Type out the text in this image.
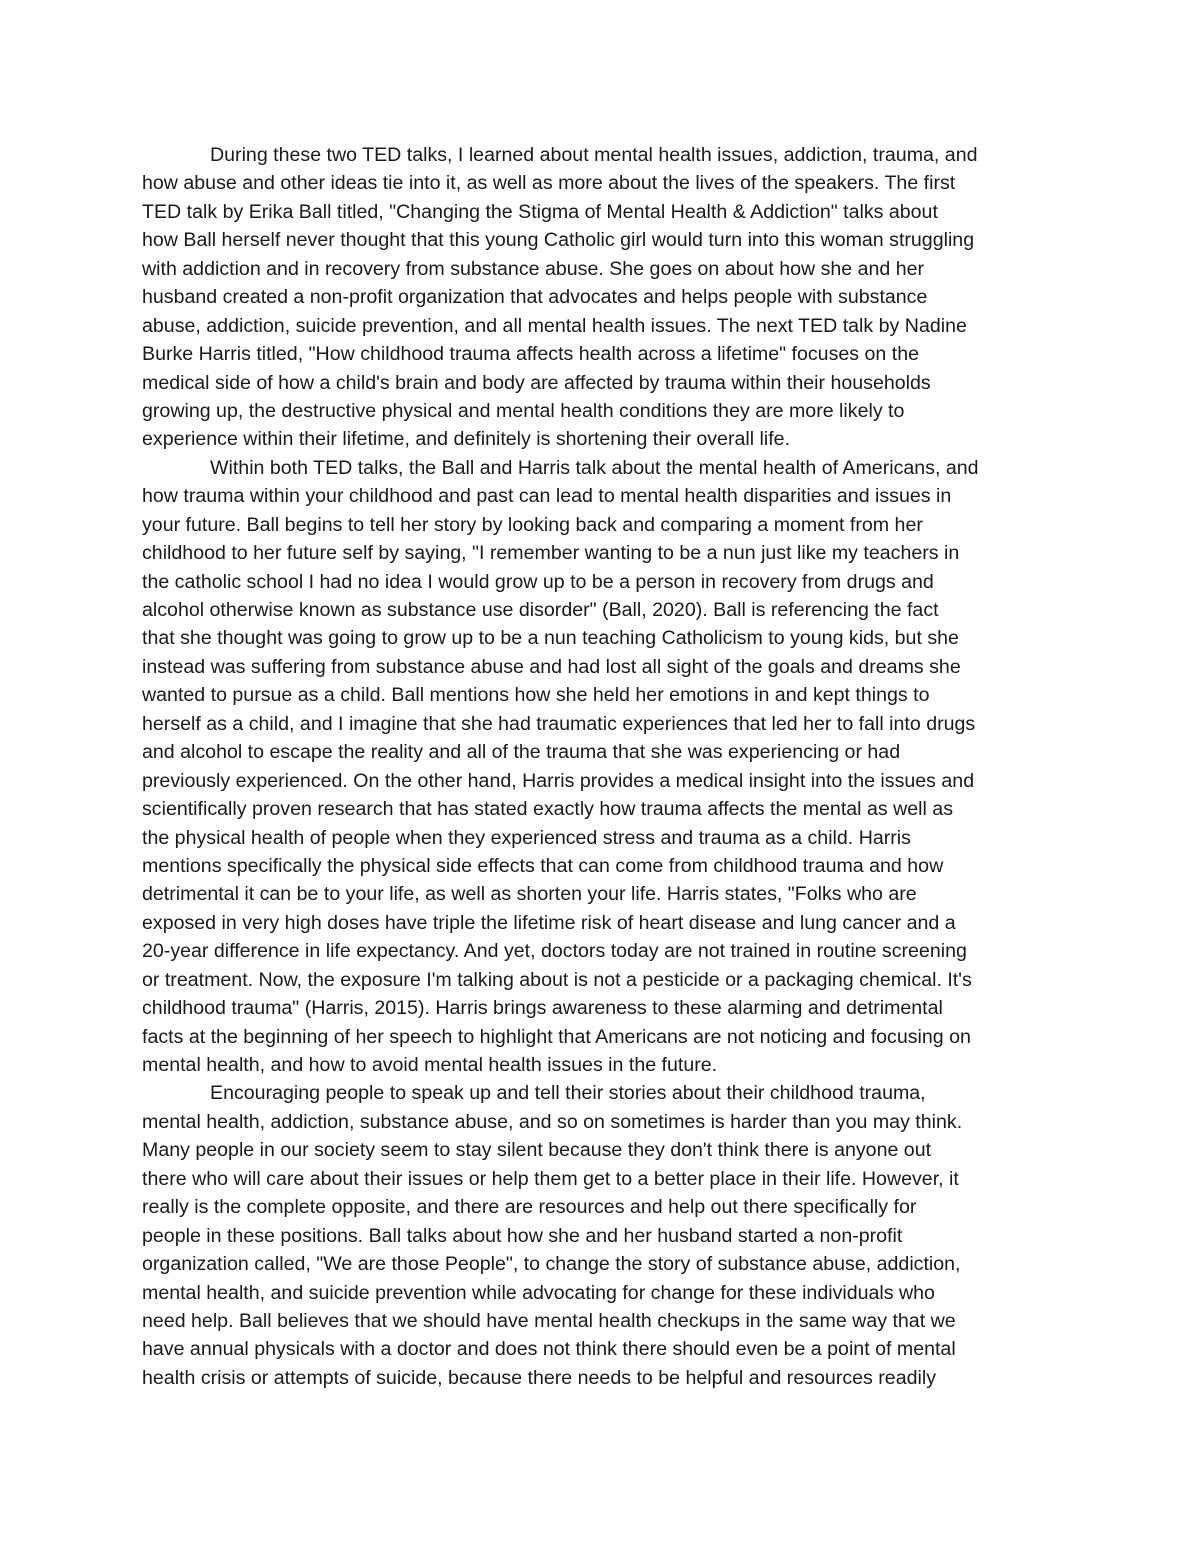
During these two TED talks, I learned about mental health issues, addiction, trauma, and
how abuse and other ideas tie into it, as well as more about the lives of the speakers. The first
TED talk by Erika Ball titled, "Changing the Stigma of Mental Health & Addiction" talks about
how Ball herself never thought that this young Catholic girl would turn into this woman struggling
with addiction and in recovery from substance abuse. She goes on about how she and her
husband created a non-profit organization that advocates and helps people with substance
abuse, addiction, suicide prevention, and all mental health issues. The next TED talk by Nadine
Burke Harris titled, "How childhood trauma affects health across a lifetime" focuses on the
medical side of how a child's brain and body are affected by trauma within their households
growing up, the destructive physical and mental health conditions they are more likely to
experience within their lifetime, and definitely is shortening their overall life.
Within both TED talks, the Ball and Harris talk about the mental health of Americans, and
how trauma within your childhood and past can lead to mental health disparities and issues in
your future. Ball begins to tell her story by looking back and comparing a moment from her
childhood to her future self by saying, "I remember wanting to be a nun just like my teachers in
the catholic school I had no idea I would grow up to be a person in recovery from drugs and
alcohol otherwise known as substance use disorder" (Ball, 2020). Ball is referencing the fact
that she thought was going to grow up to be a nun teaching Catholicism to young kids, but she
instead was suffering from substance abuse and had lost all sight of the goals and dreams she
wanted to pursue as a child. Ball mentions how she held her emotions in and kept things to
herself as a child, and I imagine that she had traumatic experiences that led her to fall into drugs
and alcohol to escape the reality and all of the trauma that she was experiencing or had
previously experienced. On the other hand, Harris provides a medical insight into the issues and
scientifically proven research that has stated exactly how trauma affects the mental as well as
the physical health of people when they experienced stress and trauma as a child. Harris
mentions specifically the physical side effects that can come from childhood trauma and how
detrimental it can be to your life, as well as shorten your life. Harris states, "Folks who are
exposed in very high doses have triple the lifetime risk of heart disease and lung cancer and a
20-year difference in life expectancy. And yet, doctors today are not trained in routine screening
or treatment. Now, the exposure I'm talking about is not a pesticide or a packaging chemical. It's
childhood trauma" (Harris, 2015). Harris brings awareness to these alarming and detrimental
facts at the beginning of her speech to highlight that Americans are not noticing and focusing on
mental health, and how to avoid mental health issues in the future.
Encouraging people to speak up and tell their stories about their childhood trauma,
mental health, addiction, substance abuse, and so on sometimes is harder than you may think.
Many people in our society seem to stay silent because they don't think there is anyone out
there who will care about their issues or help them get to a better place in their life. However, it
really is the complete opposite, and there are resources and help out there specifically for
people in these positions. Ball talks about how she and her husband started a non-profit
organization called, "We are those People", to change the story of substance abuse, addiction,
mental health, and suicide prevention while advocating for change for these individuals who
need help. Ball believes that we should have mental health checkups in the same way that we
have annual physicals with a doctor and does not think there should even be a point of mental
health crisis or attempts of suicide, because there needs to be helpful and resources readily
